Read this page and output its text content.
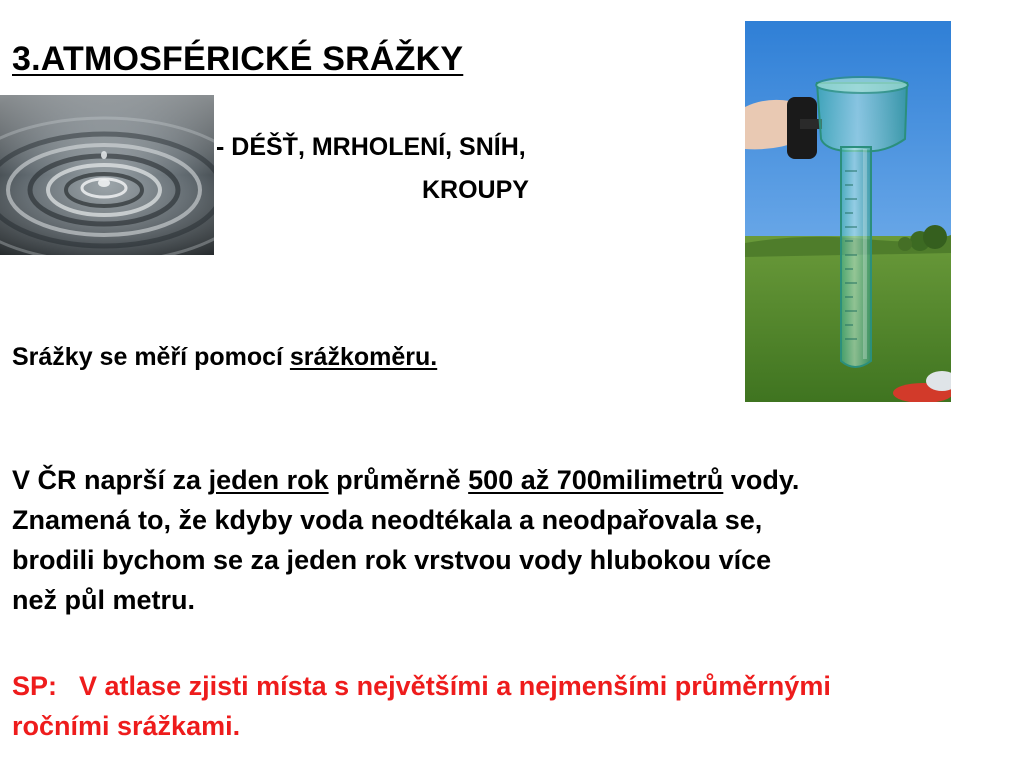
3.ATMOSFÉRICKÉ SRÁŽKY
- DÉŠŤ, MRHOLENÍ, SNÍH,
KROUPY
Srážky se měří pomocí srážkoměru.
V ČR naprší za jeden rok průměrně 500 až 700milimetrů vody.
Znamená to, že kdyby voda neodtékala a neodpařovala se,
brodili bychom se za jeden rok vrstvou vody hlubokou více
než půl metru.
SP: V atlase zjisti místa s největšími a nejmenšími průměrnými
ročními srážkami.
